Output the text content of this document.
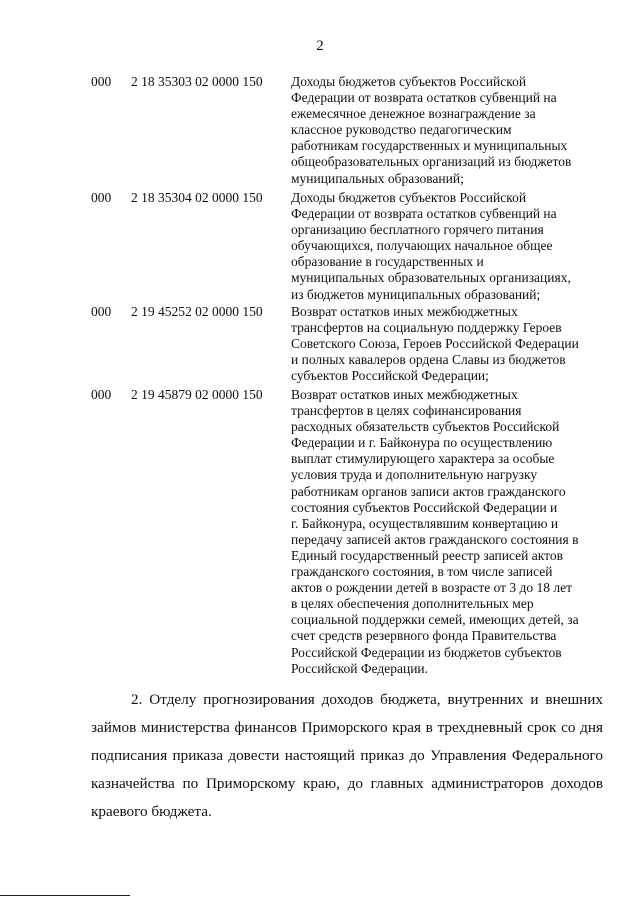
2
000 2 18 35303 02 0000 150 Доходы бюджетов субъектов Российской
Федерации от возврата остатков субвенций на
ежемесячное денежное вознаграждение за
классное руководство педагогическим
работникам государственных и муниципальных
общеобразовательных организаций из бюджетов
муниципальных образований;
000 2 18 35304 02 0000 150 Доходы бюджетов субъектов Российской
Федерации от возврата остатков субвенций на
организацию бесплатного горячего питания
обучающихся, получающих начальное общее
образование в государственных и
муниципальных образовательных организациях,
из бюджетов муниципальных образований;
000 2 19 45252 02 0000 150 Возврат остатков иных межбюджетных
трансфертов на социальную поддержку Героев
Советского Союза, Героев Российской Федерации
и полных кавалеров ордена Славы из бюджетов
субъектов Российской Федерации;
000 2 19 45879 02 0000 150 Возврат остатков иных межбюджетных
трансфертов в целях софинансирования
расходных обязательств субъектов Российской
Федерации и г. Байконура по осуществлению
выплат стимулирующего характера за особые
условия труда и дополнительную нагрузку
работникам органов записи актов гражданского
состояния субъектов Российской Федерации и
г. Байконура, осуществлявшим конвертацию и
передачу записей актов гражданского состояния в
Единый государственный реестр записей актов
гражданского состояния, в том числе записей
актов о рождении детей в возрасте от 3 до 18 лет
в целях обеспечения дополнительных мер
социальной поддержки семей, имеющих детей, за
счет средств резервного фонда Правительства
Российской Федерации из бюджетов субъектов
Российской Федерации.

2. Отделу прогнозирования доходов бюджета, внутренних и внешних займов министерства финансов Приморского края в трехдневный срок со дня подписания приказа довести настоящий приказ до Управления Федерального казначейства по Приморскому краю, до главных администраторов доходов краевого бюджета.
